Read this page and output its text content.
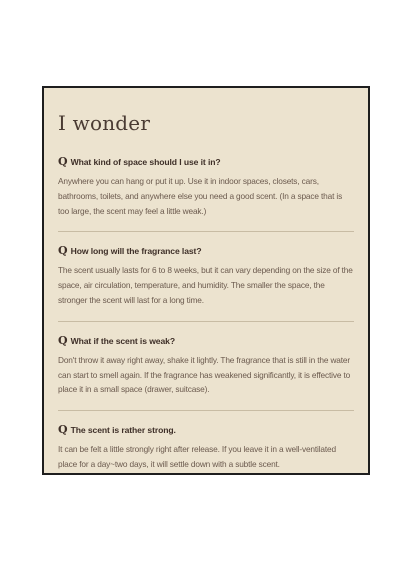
I wonder
Q What kind of space should I use it in?

Anywhere you can hang or put it up. Use it in indoor spaces, closets, cars, bathrooms, toilets, and anywhere else you need a good scent. (In a space that is too large, the scent may feel a little weak.)

Q How long will the fragrance last?

The scent usually lasts for 6 to 8 weeks, but it can vary depending on the size of the space, air circulation, temperature, and humidity. The smaller the space, the stronger the scent will last for a long time.

Q What if the scent is weak?

Don't throw it away right away, shake it lightly. The fragrance that is still in the water can start to smell again. If the fragrance has weakened significantly, it is effective to place it in a small space (drawer, suitcase).

Q The scent is rather strong.

It can be felt a little strongly right after release. If you leave it in a well-ventilated place for a day~two days, it will settle down with a subtle scent.
